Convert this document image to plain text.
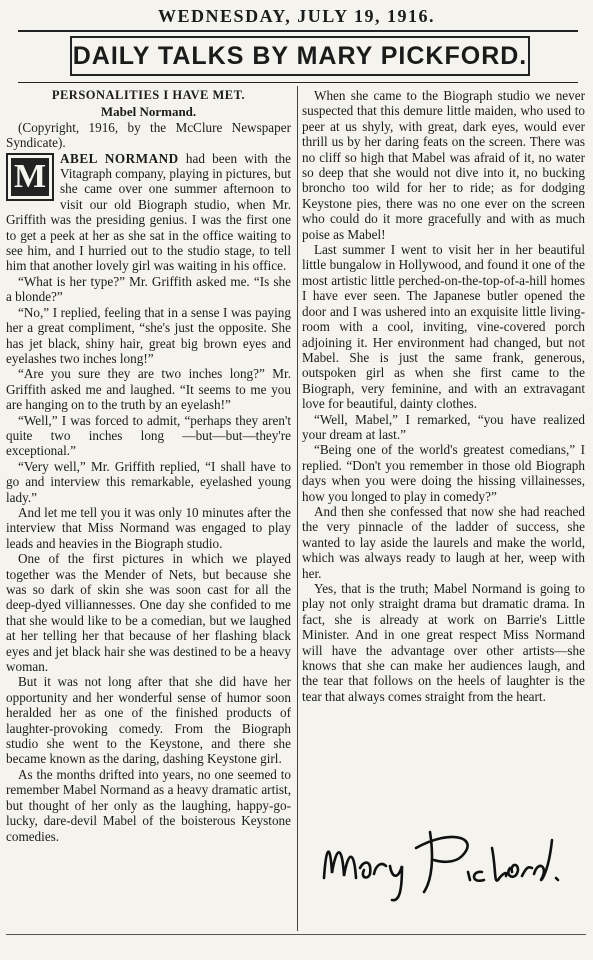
WEDNESDAY, JULY 19, 1916.
DAILY TALKS BY MARY PICKFORD.
PERSONALITIES I HAVE MET.
Mabel Normand.

(Copyright, 1916, by the McClure Newspaper Syndicate).

M ABEL NORMAND had been with the Vitagraph company, playing in pictures, but she came over one summer afternoon to visit our old Biograph studio, when Mr. Griffith was the presiding genius. I was the first one to get a peek at her as she sat in the office waiting to see him, and I hurried out to the studio stage, to tell him that another lovely girl was waiting in his office.

“What is her type?” Mr. Griffith asked me. “Is she a blonde?”

“No,” I replied, feeling that in a sense I was paying her a great compliment, “she's just the opposite. She has jet black, shiny hair, great big brown eyes and eyelashes two inches long!”

“Are you sure they are two inches long?” Mr. Griffith asked me and laughed. “It seems to me you are hanging on to the truth by an eyelash!”

“Well,” I was forced to admit, “perhaps they aren't quite two inches long —but—but—they're exceptional.”

“Very well,” Mr. Griffith replied, “I shall have to go and interview this remarkable, eyelashed young lady.”

And let me tell you it was only 10 minutes after the interview that Miss Normand was engaged to play leads and heavies in the Biograph studio.

One of the first pictures in which we played together was the Mender of Nets, but because she was so dark of skin she was soon cast for all the deep-dyed villiannesses. One day she confided to me that she would like to be a comedian, but we laughed at her telling her that because of her flashing black eyes and jet black hair she was destined to be a heavy woman.

But it was not long after that she did have her opportunity and her wonderful sense of humor soon heralded her as one of the finished products of laughter-provoking comedy. From the Biograph studio she went to the Keystone, and there she became known as the daring, dashing Keystone girl.

As the months drifted into years, no one seemed to remember Mabel Normand as a heavy dramatic artist, but thought of her only as the laughing, happy-go-lucky, dare-devil Mabel of the boisterous Keystone comedies.

When she came to the Biograph studio we never suspected that this demure little maiden, who used to peer at us shyly, with great, dark eyes, would ever thrill us by her daring feats on the screen. There was no cliff so high that Mabel was afraid of it, no water so deep that she would not dive into it, no bucking broncho too wild for her to ride; as for dodging Keystone pies, there was no one ever on the screen who could do it more gracefully and with as much poise as Mabel!

Last summer I went to visit her in her beautiful little bungalow in Hollywood, and found it one of the most artistic little perched-on-the-top-of-a-hill homes I have ever seen. The Japanese butler opened the door and I was ushered into an exquisite little living-room with a cool, inviting, vine-covered porch adjoining it. Her environment had changed, but not Mabel. She is just the same frank, generous, outspoken girl as when she first came to the Biograph, very feminine, and with an extravagant love for beautiful, dainty clothes.

“Well, Mabel,” I remarked, “you have realized your dream at last.”

“Being one of the world's greatest comedians,” I replied. “Don't you remember in those old Biograph days when you were doing the hissing villainesses, how you longed to play in comedy?”

And then she confessed that now she had reached the very pinnacle of the ladder of success, she wanted to lay aside the laurels and make the world, which was always ready to laugh at her, weep with her.

Yes, that is the truth; Mabel Normand is going to play not only straight drama but dramatic drama. In fact, she is already at work on Barrie's Little Minister. And in one great respect Miss Normand will have the advantage over other artists—she knows that she can make her audiences laugh, and the tear that follows on the heels of laughter is the tear that always comes straight from the heart.
